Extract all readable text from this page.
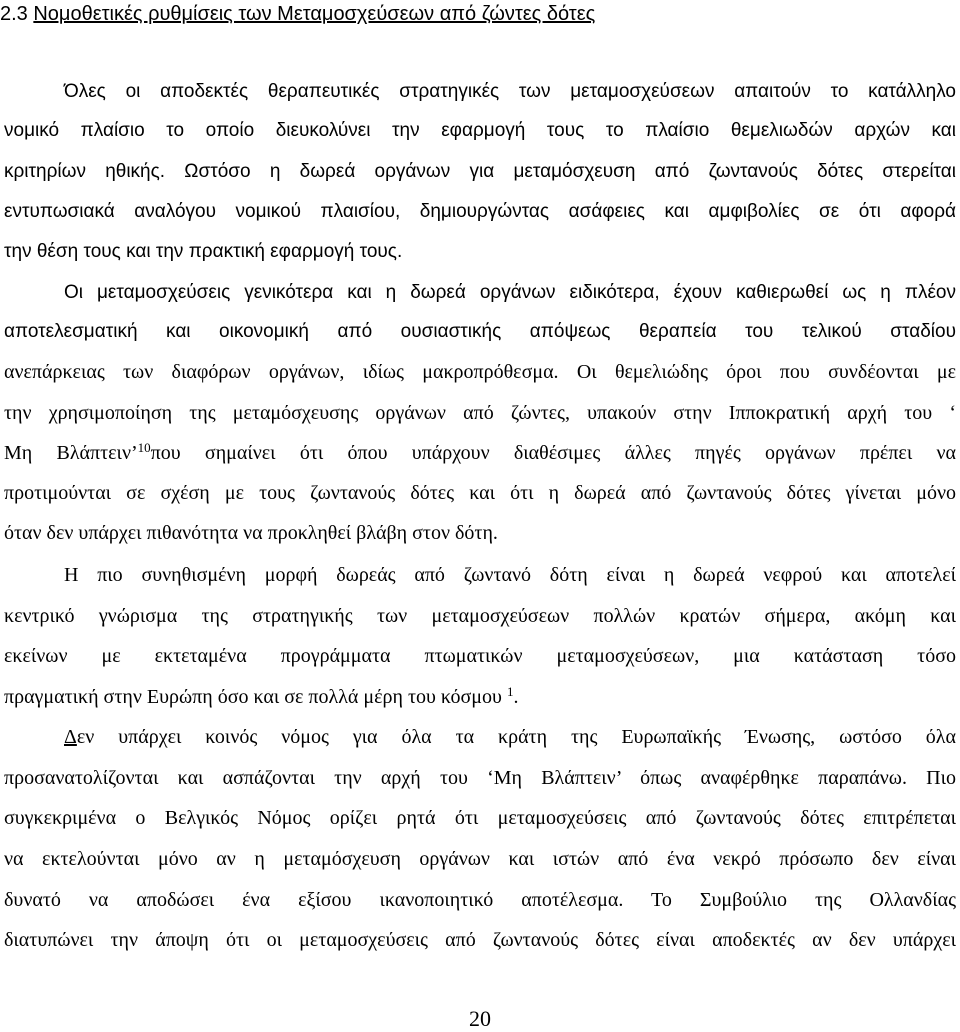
2.3 Νομοθετικές ρυθμίσεις των Μεταμοσχεύσεων από ζώντες δότες
Όλες οι αποδεκτές θεραπευτικές στρατηγικές των μεταμοσχεύσεων απαιτούν το κατάλληλο
νομικό πλαίσιο το οποίο διευκολύνει την εφαρμογή τους το πλαίσιο θεμελιωδών αρχών και
κριτηρίων ηθικής. Ωστόσο η δωρεά οργάνων για μεταμόσχευση από ζωντανούς δότες στερείται
εντυπωσιακά αναλόγου νομικού πλαισίου, δημιουργώντας ασάφειες και αμφιβολίες σε ότι αφορά
την θέση τους και την πρακτική εφαρμογή τους.
Οι μεταμοσχεύσεις γενικότερα και η δωρεά οργάνων ειδικότερα, έχουν καθιερωθεί ως η πλέον
αποτελεσματική και οικονομική από ουσιαστικής απόψεως θεραπεία του τελικού σταδίου
ανεπάρκειας των διαφόρων οργάνων, ιδίως μακροπρόθεσμα. Οι θεμελιώδης όροι που συνδέονται με
την χρησιμοποίηση της μεταμόσχευσης οργάνων από ζώντες, υπακούν στην Ιπποκρατική αρχή του ‘
Μη Βλάπτειν’$^{10}$που σημαίνει ότι όπου υπάρχουν διαθέσιμες άλλες πηγές οργάνων πρέπει να
προτιμούνται σε σχέση με τους ζωντανούς δότες και ότι η δωρεά από ζωντανούς δότες γίνεται μόνο
όταν δεν υπάρχει πιθανότητα να προκληθεί βλάβη στον δότη.
Η πιο συνηθισμένη μορφή δωρεάς από ζωντανό δότη είναι η δωρεά νεφρού και αποτελεί
κεντρικό γνώρισμα της στρατηγικής των μεταμοσχεύσεων πολλών κρατών σήμερα, ακόμη και
εκείνων με εκτεταμένα προγράμματα πτωματικών μεταμοσχεύσεων, μια κατάσταση τόσο
πραγματική στην Ευρώπη όσο και σε πολλά μέρη του κόσμου $^1$.
Δεν υπάρχει κοινός νόμος για όλα τα κράτη της Ευρωπαϊκής Ένωσης, ωστόσο όλα
προσανατολίζονται και ασπάζονται την αρχή του ‘Μη Βλάπτειν’ όπως αναφέρθηκε παραπάνω. Πιο
συγκεκριμένα ο Βελγικός Νόμος ορίζει ρητά ότι μεταμοσχεύσεις από ζωντανούς δότες επιτρέπεται
να εκτελούνται μόνο αν η μεταμόσχευση οργάνων και ιστών από ένα νεκρό πρόσωπο δεν είναι
δυνατό να αποδώσει ένα εξίσου ικανοποιητικό αποτέλεσμα. Το Συμβούλιο της Ολλανδίας
διατυπώνει την άποψη ότι οι μεταμοσχεύσεις από ζωντανούς δότες είναι αποδεκτές αν δεν υπάρχει
20
